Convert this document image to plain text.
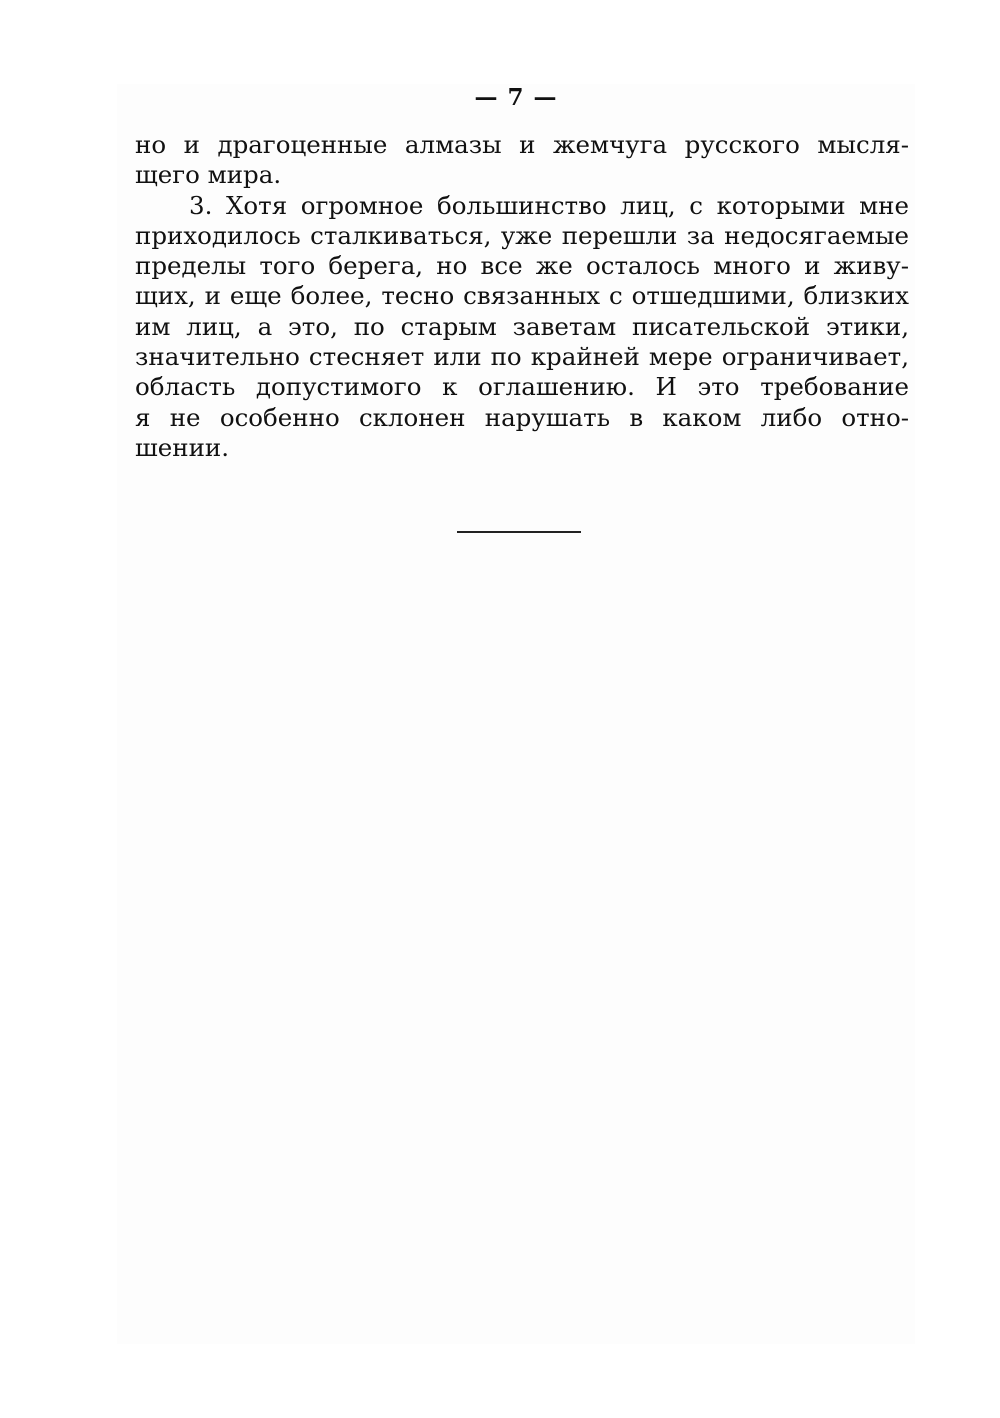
— 7 —
но и драгоценные алмазы и жемчуга русского мысля-
щего мира.
3. Хотя огромное большинство лиц, с которыми мне
приходилось сталкиваться, уже перешли за недосягаемые
пределы того берега, но все же осталось много и живу-
щих, и еще более, тесно связанных с отшедшими, близких
им лиц, а это, по старым заветам писательской этики,
значительно стесняет или по крайней мере ограничивает,
область допустимого к оглашению. И это требование
я не особенно склонен нарушать в каком либо отно-
шении.
